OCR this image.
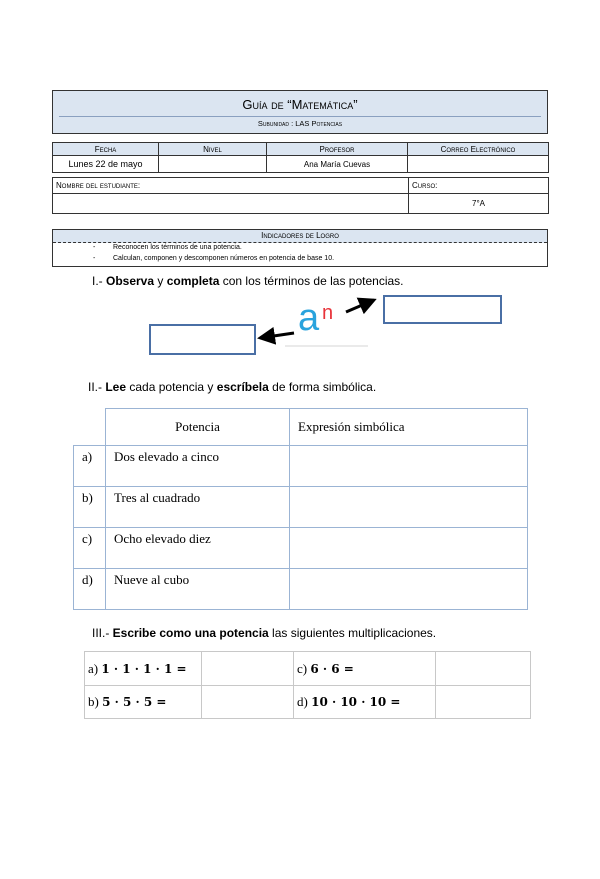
Guía de “Matemática”
Subunidad : LAS Potencias
Fecha	Nivel	Profesor	Correo Electrónico
Lunes 22 de mayo		Ana María Cuevas	
Nombre del estudiante:	Curso:
	7°A
Indicadores de Logro
-	Reconocen los términos de una potencia.
-	Calculan, componen y descomponen números en potencia de base 10.
I.- Observa y completa con los términos de las potencias.
a n
II.- Lee cada potencia y escríbela de forma simbólica.
	Potencia	Expresión simbólica
a)	Dos elevado a cinco	
b)	Tres al cuadrado	
c)	Ocho elevado diez	
d)	Nueve al cubo	
III.- Escribe como una potencia las siguientes multiplicaciones.
a) 𝟏 · 𝟏 · 𝟏 · 𝟏 =		c) 𝟔 · 𝟔 =	
b) 𝟓 · 𝟓 · 𝟓 =		d) 𝟏𝟎 · 𝟏𝟎 · 𝟏𝟎 =	
